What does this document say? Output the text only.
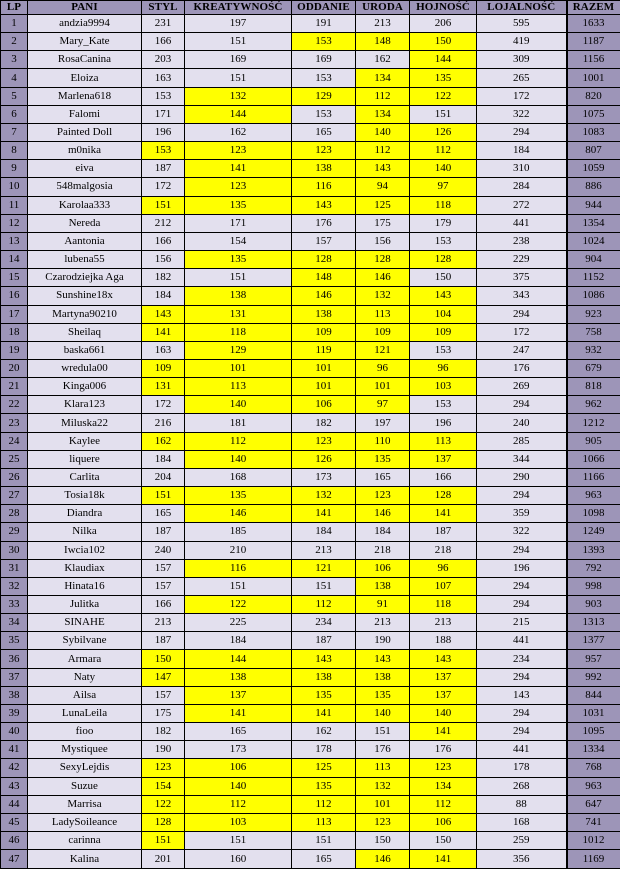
LP	PANI	STYL	KREATYWNOŚĆ	ODDANIE	URODA	HOJNOŚĆ	LOJALNOŚĆ	RAZEM
1	andzia9994	231	197	191	213	206	595	1633
2	Mary_Kate	166	151	153	148	150	419	1187
3	RosaCanina	203	169	169	162	144	309	1156
4	Eloiza	163	151	153	134	135	265	1001
5	Marlena618	153	132	129	112	122	172	820
6	Falomi	171	144	153	134	151	322	1075
7	Painted Doll	196	162	165	140	126	294	1083
8	m0nika	153	123	123	112	112	184	807
9	eiva	187	141	138	143	140	310	1059
10	548malgosia	172	123	116	94	97	284	886
11	Karolaa333	151	135	143	125	118	272	944
12	Nereda	212	171	176	175	179	441	1354
13	Aantonia	166	154	157	156	153	238	1024
14	lubena55	156	135	128	128	128	229	904
15	Czarodziejka Aga	182	151	148	146	150	375	1152
16	Sunshine18x	184	138	146	132	143	343	1086
17	Martyna90210	143	131	138	113	104	294	923
18	Sheilaq	141	118	109	109	109	172	758
19	baska661	163	129	119	121	153	247	932
20	wredula00	109	101	101	96	96	176	679
21	Kinga006	131	113	101	101	103	269	818
22	Klara123	172	140	106	97	153	294	962
23	Miluska22	216	181	182	197	196	240	1212
24	Kaylee	162	112	123	110	113	285	905
25	liquere	184	140	126	135	137	344	1066
26	Carlita	204	168	173	165	166	290	1166
27	Tosia18k	151	135	132	123	128	294	963
28	Diandra	165	146	141	146	141	359	1098
29	Nilka	187	185	184	184	187	322	1249
30	Iwcia102	240	210	213	218	218	294	1393
31	Klaudiax	157	116	121	106	96	196	792
32	Hinata16	157	151	151	138	107	294	998
33	Julitka	166	122	112	91	118	294	903
34	SINAHE	213	225	234	213	213	215	1313
35	Sybilvane	187	184	187	190	188	441	1377
36	Armara	150	144	143	143	143	234	957
37	Naty	147	138	138	138	137	294	992
38	Ailsa	157	137	135	135	137	143	844
39	LunaLeila	175	141	141	140	140	294	1031
40	fioo	182	165	162	151	141	294	1095
41	Mystiquee	190	173	178	176	176	441	1334
42	SexyLejdis	123	106	125	113	123	178	768
43	Suzue	154	140	135	132	134	268	963
44	Marrisa	122	112	112	101	112	88	647
45	LadySoileance	128	103	113	123	106	168	741
46	carinna	151	151	151	150	150	259	1012
47	Kalina	201	160	165	146	141	356	1169
